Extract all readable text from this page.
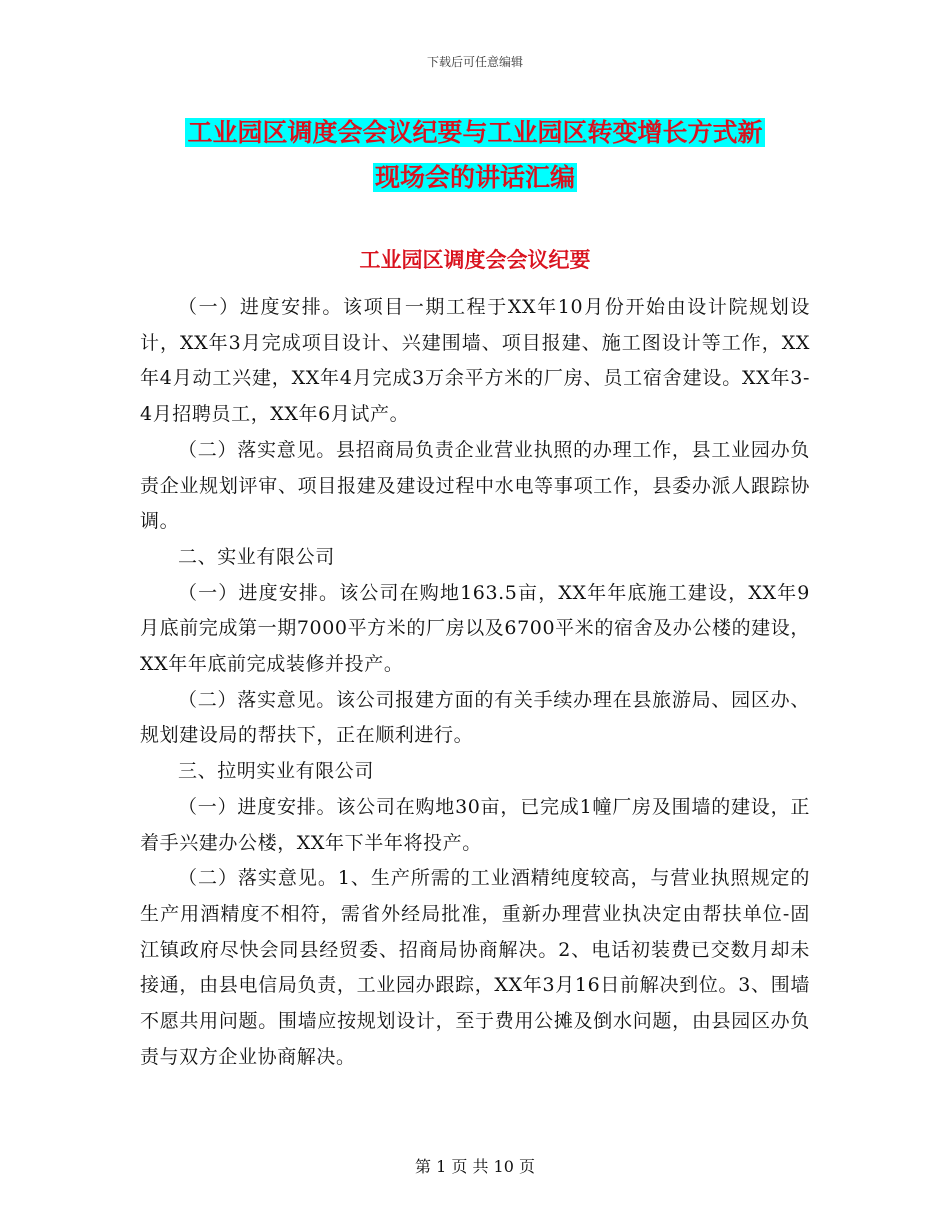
下载后可任意编辑
工业园区调度会会议纪要与工业园区转变增长方式新
现场会的讲话汇编
工业园区调度会会议纪要

（一）进度安排。该项目一期工程于XX年10月份开始由设计院规划设计，XX年3月完成项目设计、兴建围墙、项目报建、施工图设计等工作，XX年4月动工兴建，XX年4月完成3万余平方米的厂房、员工宿舍建设。XX年3-4月招聘员工，XX年6月试产。

（二）落实意见。县招商局负责企业营业执照的办理工作，县工业园办负责企业规划评审、项目报建及建设过程中水电等事项工作，县委办派人跟踪协调。

二、实业有限公司

（一）进度安排。该公司在购地163.5亩，XX年年底施工建设，XX年9月底前完成第一期7000平方米的厂房以及6700平米的宿舍及办公楼的建设，XX年年底前完成装修并投产。

（二）落实意见。该公司报建方面的有关手续办理在县旅游局、园区办、规划建设局的帮扶下，正在顺利进行。

三、拉明实业有限公司

（一）进度安排。该公司在购地30亩，已完成1幢厂房及围墙的建设，正着手兴建办公楼，XX年下半年将投产。

（二）落实意见。1、生产所需的工业酒精纯度较高，与营业执照规定的生产用酒精度不相符，需省外经局批准，重新办理营业执决定由帮扶单位-固江镇政府尽快会同县经贸委、招商局协商解决。2、电话初装费已交数月却未接通，由县电信局负责，工业园办跟踪，XX年3月16日前解决到位。3、围墙不愿共用问题。围墙应按规划设计，至于费用公摊及倒水问题，由县园区办负责与双方企业协商解决。

第 1 页 共 10 页
